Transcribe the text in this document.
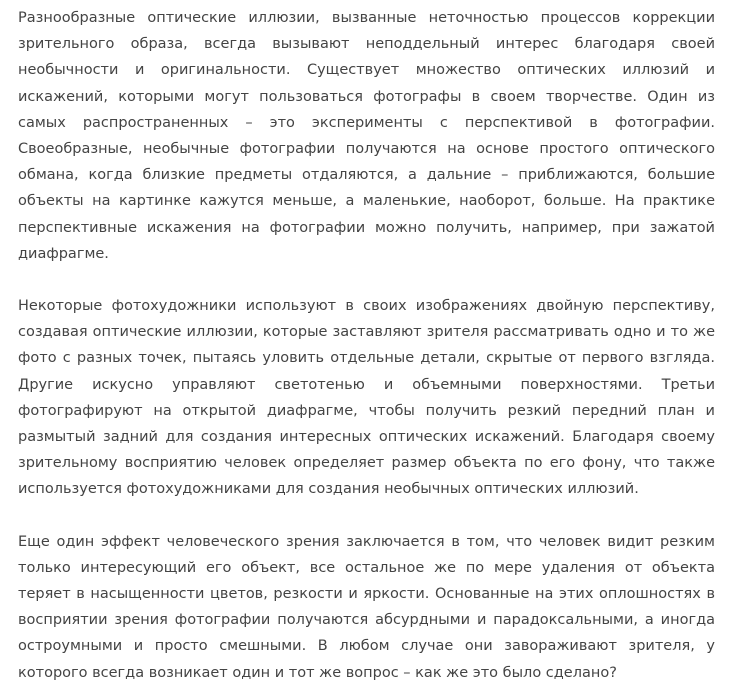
Разнообразные оптические иллюзии, вызванные неточностью процессов коррекции зрительного образа, всегда вызывают неподдельный интерес благодаря своей необычности и оригинальности. Существует множество оптических иллюзий и искажений, которыми могут пользоваться фотографы в своем творчестве. Один из самых распространенных – это эксперименты с перспективой в фотографии. Своеобразные, необычные фотографии получаются на основе простого оптического обмана, когда близкие предметы отдаляются, а дальние – приближаются, большие объекты на картинке кажутся меньше, а маленькие, наоборот, больше. На практике перспективные искажения на фотографии можно получить, например, при зажатой диафрагме.

Некоторые фотохудожники используют в своих изображениях двойную перспективу, создавая оптические иллюзии, которые заставляют зрителя рассматривать одно и то же фото с разных точек, пытаясь уловить отдельные детали, скрытые от первого взгляда. Другие искусно управляют светотенью и объемными поверхностями. Третьи фотографируют на открытой диафрагме, чтобы получить резкий передний план и размытый задний для создания интересных оптических искажений. Благодаря своему зрительному восприятию человек определяет размер объекта по его фону, что также используется фотохудожниками для создания необычных оптических иллюзий.

Еще один эффект человеческого зрения заключается в том, что человек видит резким только интересующий его объект, все остальное же по мере удаления от объекта теряет в насыщенности цветов, резкости и яркости. Основанные на этих оплошностях в восприятии зрения фотографии получаются абсурдными и парадоксальными, а иногда остроумными и просто смешными. В любом случае они завораживают зрителя, у которого всегда возникает один и тот же вопрос – как же это было сделано?
